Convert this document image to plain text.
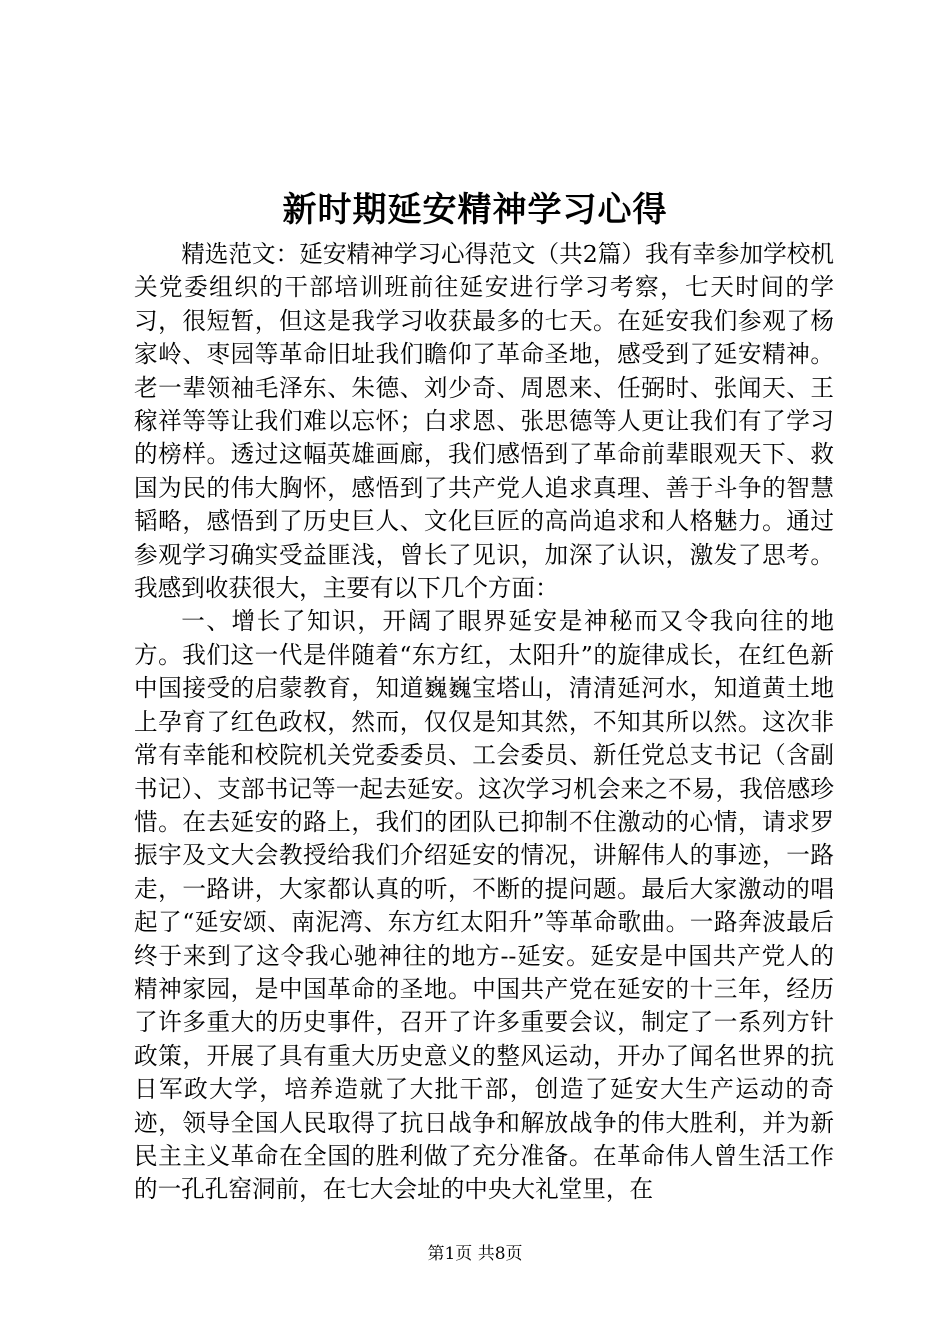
新时期延安精神学习心得

精选范文：延安精神学习心得范文（共2篇）我有幸参加学校机关党委组织的干部培训班前往延安进行学习考察，七天时间的学习，很短暂，但这是我学习收获最多的七天。在延安我们参观了杨家岭、枣园等革命旧址我们瞻仰了革命圣地，感受到了延安精神。老一辈领袖毛泽东、朱德、刘少奇、周恩来、任弼时、张闻天、王稼祥等等让我们难以忘怀；白求恩、张思德等人更让我们有了学习的榜样。透过这幅英雄画廊，我们感悟到了革命前辈眼观天下、救国为民的伟大胸怀，感悟到了共产党人追求真理、善于斗争的智慧韬略，感悟到了历史巨人、文化巨匠的高尚追求和人格魅力。通过参观学习确实受益匪浅，曾长了见识，加深了认识，激发了思考。我感到收获很大，主要有以下几个方面：

一、增长了知识，开阔了眼界延安是神秘而又令我向往的地方。我们这一代是伴随着“东方红，太阳升”的旋律成长，在红色新中国接受的启蒙教育，知道巍巍宝塔山，清清延河水，知道黄土地上孕育了红色政权，然而，仅仅是知其然，不知其所以然。这次非常有幸能和校院机关党委委员、工会委员、新任党总支书记（含副书记）、支部书记等一起去延安。这次学习机会来之不易，我倍感珍惜。在去延安的路上，我们的团队已抑制不住激动的心情，请求罗振宇及文大会教授给我们介绍延安的情况，讲解伟人的事迹，一路走，一路讲，大家都认真的听，不断的提问题。最后大家激动的唱起了“延安颂、南泥湾、东方红太阳升”等革命歌曲。一路奔波最后终于来到了这令我心驰神往的地方--延安。延安是中国共产党人的精神家园，是中国革命的圣地。中国共产党在延安的十三年，经历了许多重大的历史事件，召开了许多重要会议，制定了一系列方针政策，开展了具有重大历史意义的整风运动，开办了闻名世界的抗日军政大学，培养造就了大批干部，创造了延安大生产运动的奇迹，领导全国人民取得了抗日战争和解放战争的伟大胜利，并为新民主主义革命在全国的胜利做了充分准备。在革命伟人曾生活工作的一孔孔窑洞前，在七大会址的中央大礼堂里，在

第1页 共8页
